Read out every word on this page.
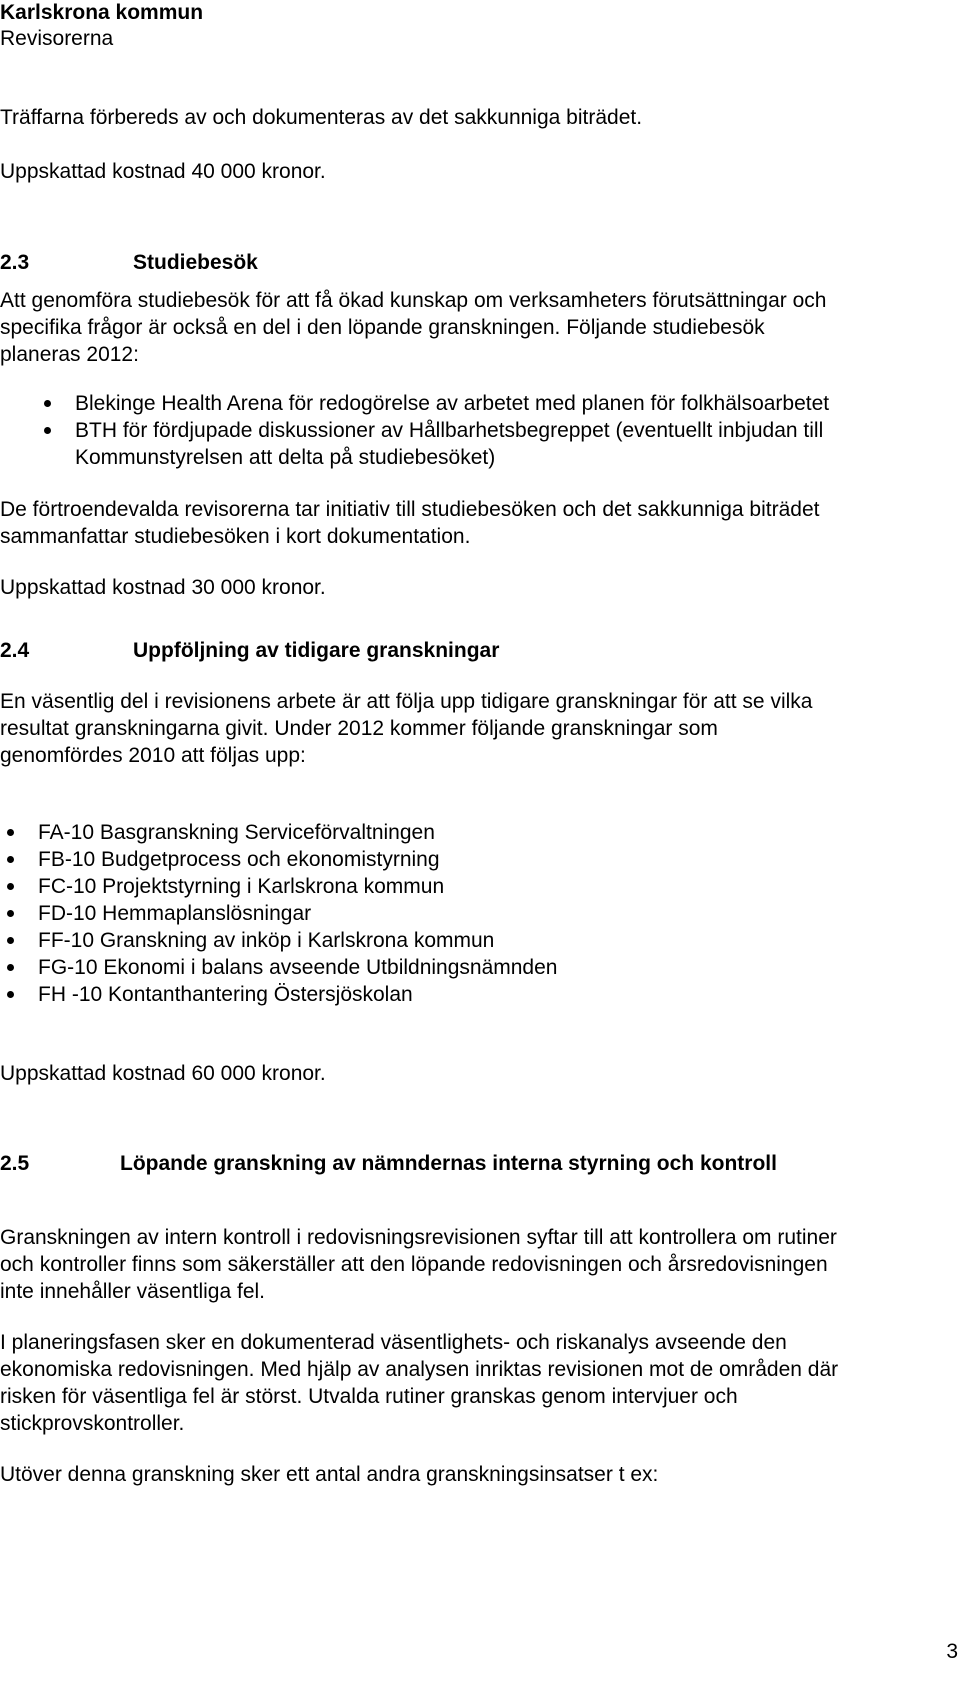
Karlskrona kommun

Revisorerna

Träffarna förbereds av och dokumenteras av det sakkunniga biträdet.

Uppskattad kostnad 40 000 kronor.

2.3	Studiebesök

Att genomföra studiebesök för att få ökad kunskap om verksamheters förutsättningar och

specifika frågor är också en del i den löpande granskningen. Följande studiebesök

planeras 2012:

Blekinge Health Arena för redogörelse av arbetet med planen för folkhälsoarbetet

BTH för fördjupade diskussioner av Hållbarhetsbegreppet (eventuellt inbjudan till

Kommunstyrelsen att delta på studiebesöket)

De förtroendevalda revisorerna tar initiativ till studiebesöken och det sakkunniga biträdet

sammanfattar studiebesöken i kort dokumentation.

Uppskattad kostnad 30 000 kronor.

2.4	Uppföljning av tidigare granskningar

En väsentlig del i revisionens arbete är att följa upp tidigare granskningar för att se vilka

resultat granskningarna givit. Under 2012 kommer följande granskningar som

genomfördes 2010 att följas upp:

FA-10 Basgranskning Serviceförvaltningen

FB-10 Budgetprocess och ekonomistyrning

FC-10 Projektstyrning i Karlskrona kommun

FD-10 Hemmaplanslösningar

FF-10 Granskning av inköp i Karlskrona kommun

FG-10 Ekonomi i balans avseende Utbildningsnämnden

FH -10 Kontanthantering Östersjöskolan

Uppskattad kostnad 60 000 kronor.

2.5	Löpande granskning av nämndernas interna styrning och kontroll

Granskningen av intern kontroll i redovisningsrevisionen syftar till att kontrollera om rutiner

och kontroller finns som säkerställer att den löpande redovisningen och årsredovisningen

inte innehåller väsentliga fel.

I planeringsfasen sker en dokumenterad väsentlighets- och riskanalys avseende den

ekonomiska redovisningen. Med hjälp av analysen inriktas revisionen mot de områden där

risken för väsentliga fel är störst. Utvalda rutiner granskas genom intervjuer och

stickprovskontroller.

Utöver denna granskning sker ett antal andra granskningsinsatser t ex:

3
